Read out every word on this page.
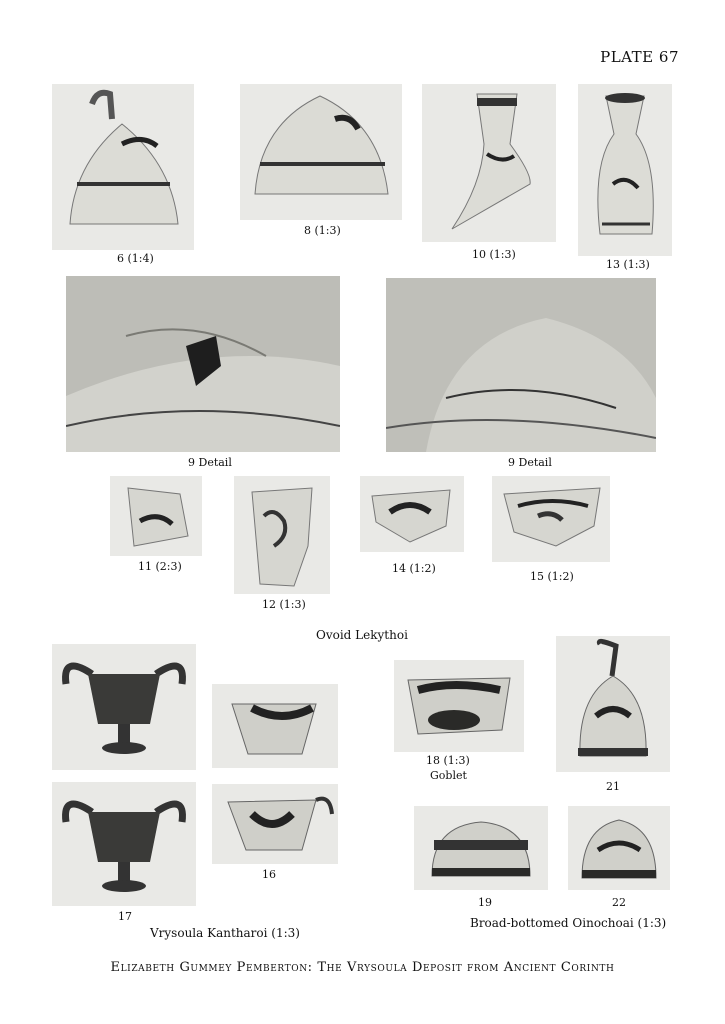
PLATE 67
6 (1:4)
8 (1:3)
10 (1:3)
13 (1:3)
9 Detail	9 Detail
11 (2:3)
12 (1:3)
14 (1:2)
15 (1:2)
Ovoid Lekythoi
18 (1:3)
Goblet
21
17
16
Vrysoula Kantharoi (1:3)
19	22
Broad-bottomed Oinochoai (1:3)
Elizabeth Gummey Pemberton: The Vrysoula Deposit from Ancient Corinth
